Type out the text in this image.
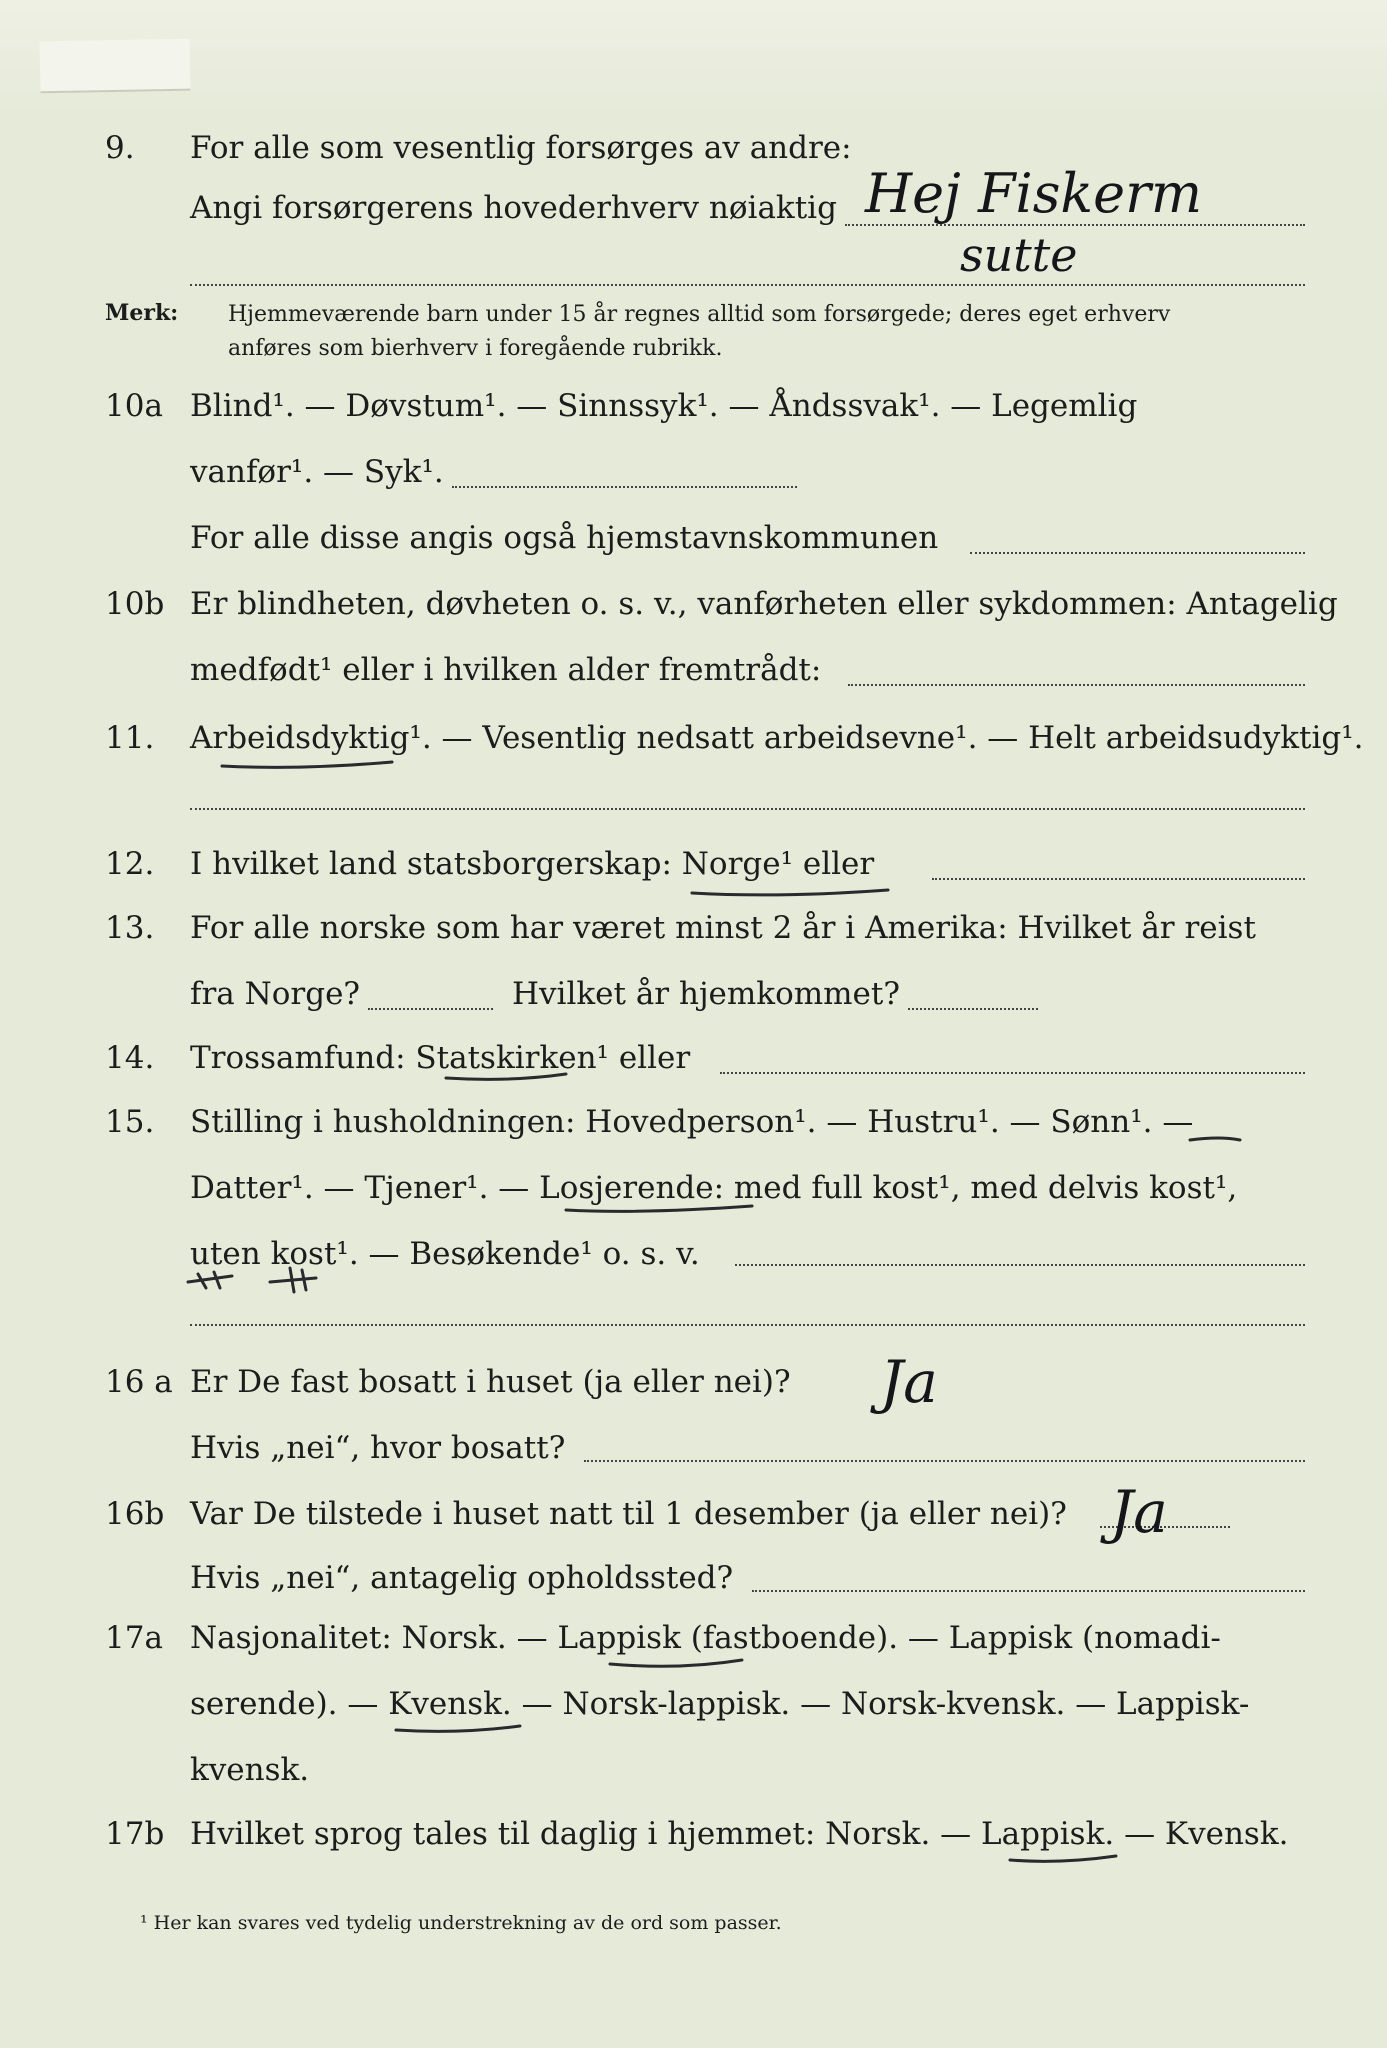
9. For alle som vesentlig forsørges av andre:
Angi forsørgerens hovederhverv nøiaktig Hej Fiskerm
sutte
Merk: Hjemmeværende barn under 15 år regnes alltid som forsørgede; deres eget erhverv
anføres som bierhverv i foregående rubrikk.
10a Blind¹. — Døvstum¹. — Sinnssyk¹. — Åndssvak¹. — Legemlig
vanfør¹. — Syk¹.
For alle disse angis også hjemstavnskommunen
10b Er blindheten, døvheten o. s. v., vanførheten eller sykdommen: Antagelig
medfødt¹ eller i hvilken alder fremtrådt:
11. Arbeidsdyktig¹. — Vesentlig nedsatt arbeidsevne¹. — Helt arbeidsudyktig¹.
12. I hvilket land statsborgerskap: Norge¹ eller
13. For alle norske som har været minst 2 år i Amerika: Hvilket år reist
fra Norge?	Hvilket år hjemkommet?
14. Trossamfund: Statskirken¹ eller
15. Stilling i husholdningen: Hovedperson¹. — Hustru¹. — Sønn¹. —
Datter¹. — Tjener¹. — Losjerende: med full kost¹, med delvis kost¹,
uten kost¹. — Besøkende¹ o. s. v.
16 a Er De fast bosatt i huset (ja eller nei)? Ja
Hvis „nei“, hvor bosatt?
16b Var De tilstede i huset natt til 1 desember (ja eller nei)? Ja
Hvis „nei“, antagelig opholdssted?
17a Nasjonalitet: Norsk. — Lappisk (fastboende). — Lappisk (nomadi-
serende). — Kvensk. — Norsk-lappisk. — Norsk-kvensk. — Lappisk-
kvensk.
17b Hvilket sprog tales til daglig i hjemmet: Norsk. — Lappisk. — Kvensk.
¹ Her kan svares ved tydelig understrekning av de ord som passer.
